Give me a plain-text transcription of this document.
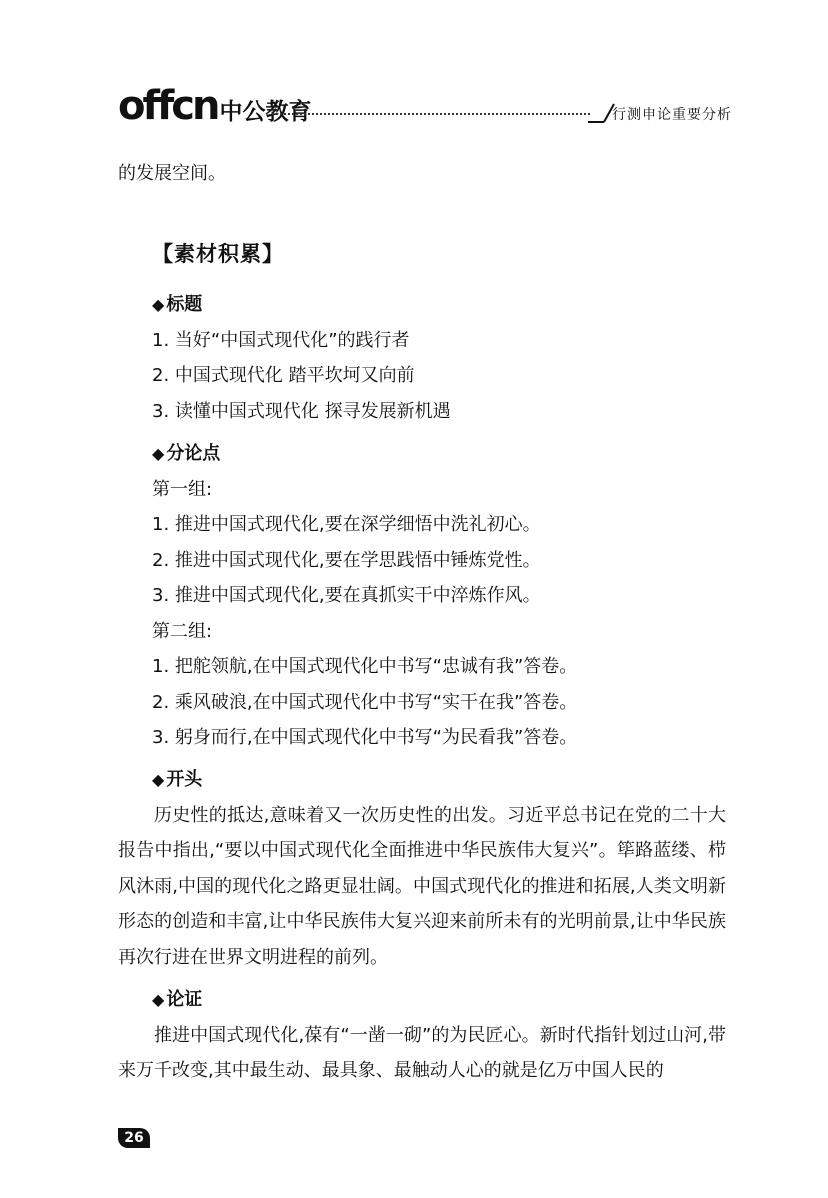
offcn 中公教育	行测申论重要分析

的发展空间。

【素材积累】

◆ 标题

1. 当好“中国式现代化”的践行者

2. 中国式现代化 踏平坎坷又向前

3. 读懂中国式现代化 探寻发展新机遇

◆ 分论点

第一组:

1. 推进中国式现代化,要在深学细悟中洗礼初心。

2. 推进中国式现代化,要在学思践悟中锤炼党性。

3. 推进中国式现代化,要在真抓实干中淬炼作风。

第二组:

1. 把舵领航,在中国式现代化中书写“忠诚有我”答卷。

2. 乘风破浪,在中国式现代化中书写“实干在我”答卷。

3. 躬身而行,在中国式现代化中书写“为民看我”答卷。

◆ 开头

历史性的抵达,意味着又一次历史性的出发。习近平总书记在党的二十大报告中指出,“要以中国式现代化全面推进中华民族伟大复兴”。筚路蓝缕、栉风沐雨,中国的现代化之路更显壮阔。中国式现代化的推进和拓展,人类文明新形态的创造和丰富,让中华民族伟大复兴迎来前所未有的光明前景,让中华民族再次行进在世界文明进程的前列。

◆ 论证

推进中国式现代化,葆有“一凿一砌”的为民匠心。新时代指针划过山河,带来万千改变,其中最生动、最具象、最触动人心的就是亿万中国人民的

26
